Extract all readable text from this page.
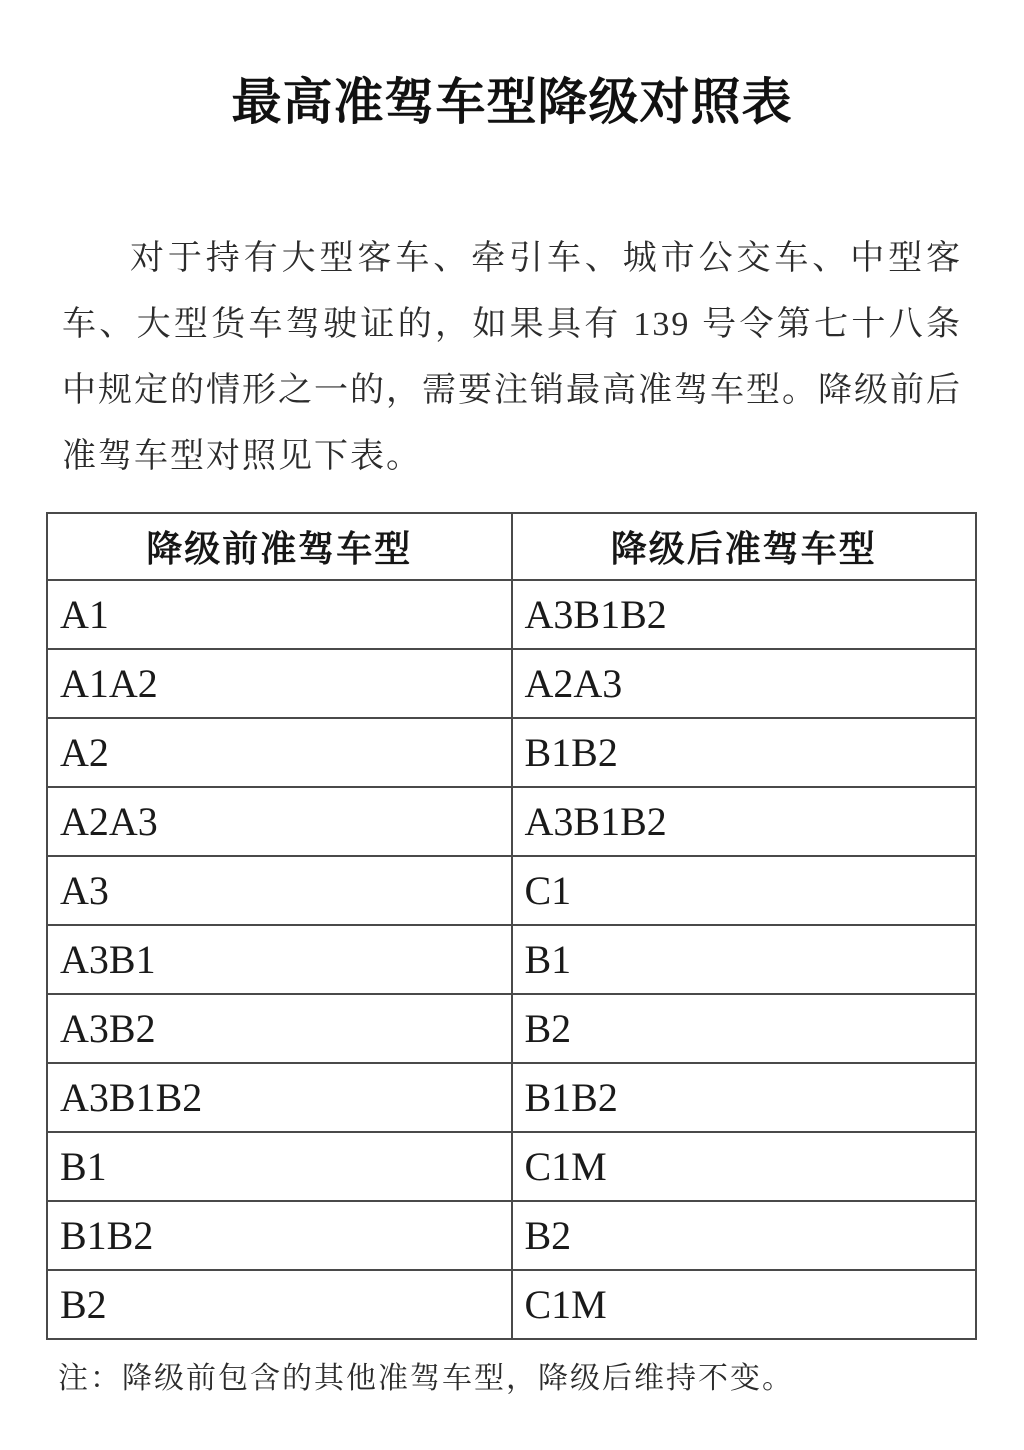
最高准驾车型降级对照表

对于持有大型客车、牵引车、城市公交车、中型客车、大型货车驾驶证的，如果具有 139 号令第七十八条中规定的情形之一的，需要注销最高准驾车型。降级前后准驾车型对照见下表。

降级前准驾车型	降级后准驾车型
A1	A3B1B2
A1A2	A2A3
A2	B1B2
A2A3	A3B1B2
A3	C1
A3B1	B1
A3B2	B2
A3B1B2	B1B2
B1	C1M
B1B2	B2
B2	C1M

注：降级前包含的其他准驾车型，降级后维持不变。
